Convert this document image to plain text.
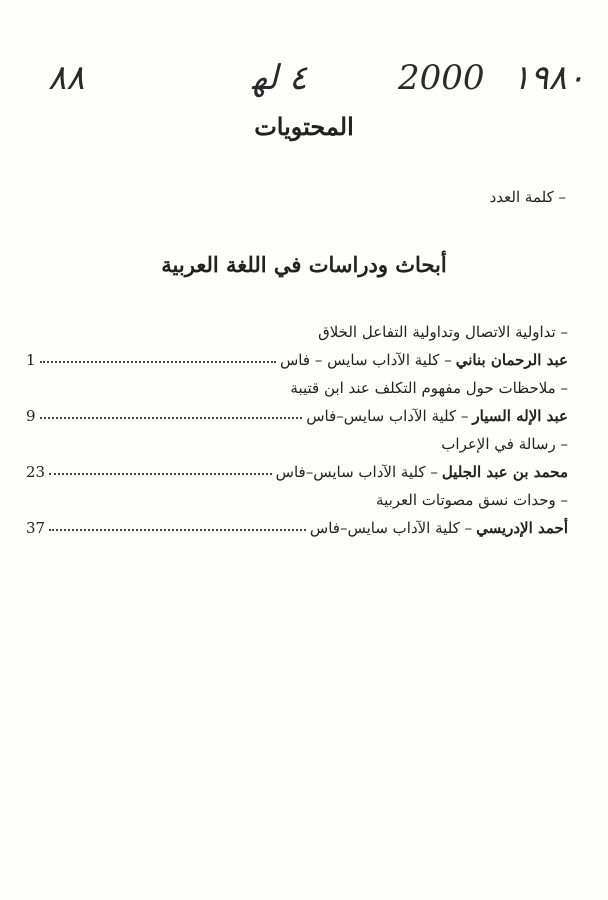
٨٨	٤ ﻟﻬ	2000 ١٩٨٠
المحتويات
– كلمة العدد
أبحاث ودراسات في اللغة العربية
– تداولية الاتصال وتداولية التفاعل الخلاق
عبد الرحمان بناني
– كلية الآداب سايس – فاس
1
– ملاحظات حول مفهوم التكلف عند ابن قتيبة
عبد الإله السيار
– كلية الآداب سايس–فاس
9
– رسالة في الإعراب
محمد بن عبد الجليل
– كلية الآداب سايس–فاس
23
– وحدات نسق مصوتات العربية
أحمد الإدريسي
– كلية الآداب سايس–فاس
37
